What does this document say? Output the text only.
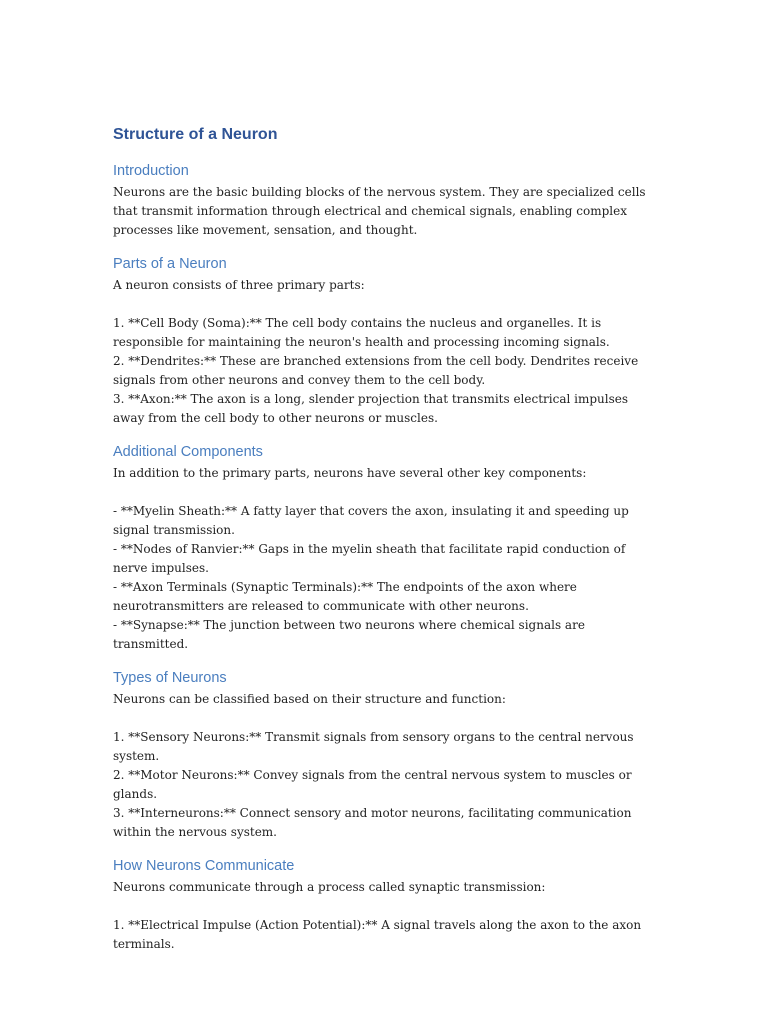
Structure of a Neuron
Introduction

Neurons are the basic building blocks of the nervous system. They are specialized cells that transmit information through electrical and chemical signals, enabling complex processes like movement, sensation, and thought.

Parts of a Neuron

A neuron consists of three primary parts:

1. **Cell Body (Soma):** The cell body contains the nucleus and organelles. It is responsible for maintaining the neuron's health and processing incoming signals.

2. **Dendrites:** These are branched extensions from the cell body. Dendrites receive signals from other neurons and convey them to the cell body.

3. **Axon:** The axon is a long, slender projection that transmits electrical impulses away from the cell body to other neurons or muscles.

Additional Components

In addition to the primary parts, neurons have several other key components:

- **Myelin Sheath:** A fatty layer that covers the axon, insulating it and speeding up signal transmission.

- **Nodes of Ranvier:** Gaps in the myelin sheath that facilitate rapid conduction of nerve impulses.

- **Axon Terminals (Synaptic Terminals):** The endpoints of the axon where neurotransmitters are released to communicate with other neurons.

- **Synapse:** The junction between two neurons where chemical signals are transmitted.

Types of Neurons

Neurons can be classified based on their structure and function:

1. **Sensory Neurons:** Transmit signals from sensory organs to the central nervous system.

2. **Motor Neurons:** Convey signals from the central nervous system to muscles or glands.

3. **Interneurons:** Connect sensory and motor neurons, facilitating communication within the nervous system.

How Neurons Communicate

Neurons communicate through a process called synaptic transmission:

1. **Electrical Impulse (Action Potential):** A signal travels along the axon to the axon terminals.
